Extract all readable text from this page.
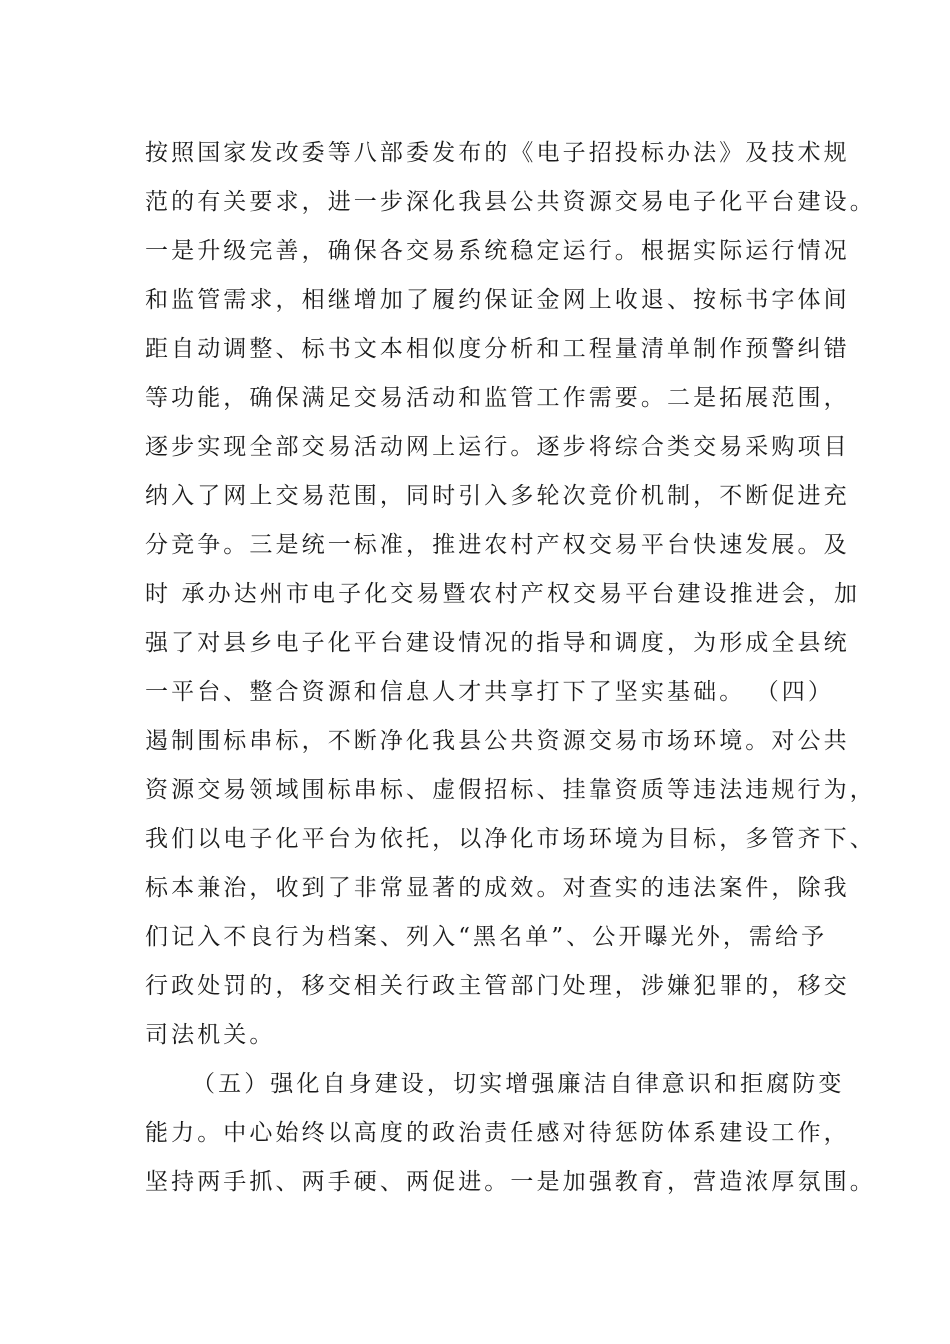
按照国家发改委等八部委发布的《电子招投标办法》及技术规
范的有关要求，进一步深化我县公共资源交易电子化平台建设。
一是升级完善，确保各交易系统稳定运行。根据实际运行情况
和监管需求，相继增加了履约保证金网上收退、按标书字体间
距自动调整、标书文本相似度分析和工程量清单制作预警纠错
等功能，确保满足交易活动和监管工作需要。二是拓展范围，
逐步实现全部交易活动网上运行。逐步将综合类交易采购项目
纳入了网上交易范围，同时引入多轮次竞价机制，不断促进充
分竞争。三是统一标准，推进农村产权交易平台快速发展。及
时 承办达州市电子化交易暨农村产权交易平台建设推进会，加
强了对县乡电子化平台建设情况的指导和调度，为形成全县统
一平台、整合资源和信息人才共享打下了坚实基础。 （四）
遏制围标串标，不断净化我县公共资源交易市场环境。对公共
资源交易领域围标串标、虚假招标、挂靠资质等违法违规行为，
我们以电子化平台为依托，以净化市场环境为目标，多管齐下、
标本兼治，收到了非常显著的成效。对查实的违法案件，除我
们记入不良行为档案、列入“黑名单”、公开曝光外，需给予
行政处罚的，移交相关行政主管部门处理，涉嫌犯罪的，移交
司法机关。
（五）强化自身建设，切实增强廉洁自律意识和拒腐防变
能力。中心始终以高度的政治责任感对待惩防体系建设工作，
坚持两手抓、两手硬、两促进。一是加强教育，营造浓厚氛围。
